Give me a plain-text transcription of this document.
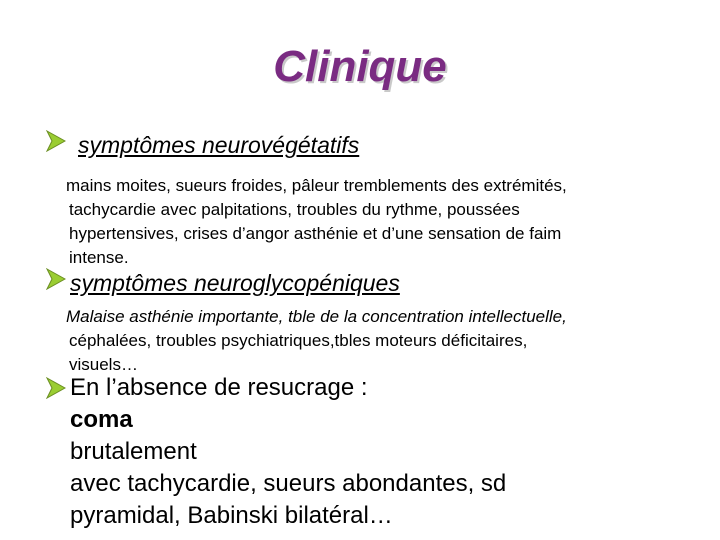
Clinique
symptômes neurovégétatifs
mains moites, sueurs froides, pâleur tremblements des extrémités,
tachycardie avec palpitations, troubles du rythme, poussées
hypertensives, crises d’angor asthénie et d’une sensation de faim
intense.
symptômes neuroglycopéniques
Malaise asthénie importante, tble de la concentration intellectuelle,
céphalées, troubles psychiatriques,tbles moteurs déficitaires,
visuels…
En l’absence de resucrage :
coma
brutalement
avec tachycardie, sueurs abondantes, sd
pyramidal, Babinski bilatéral…
